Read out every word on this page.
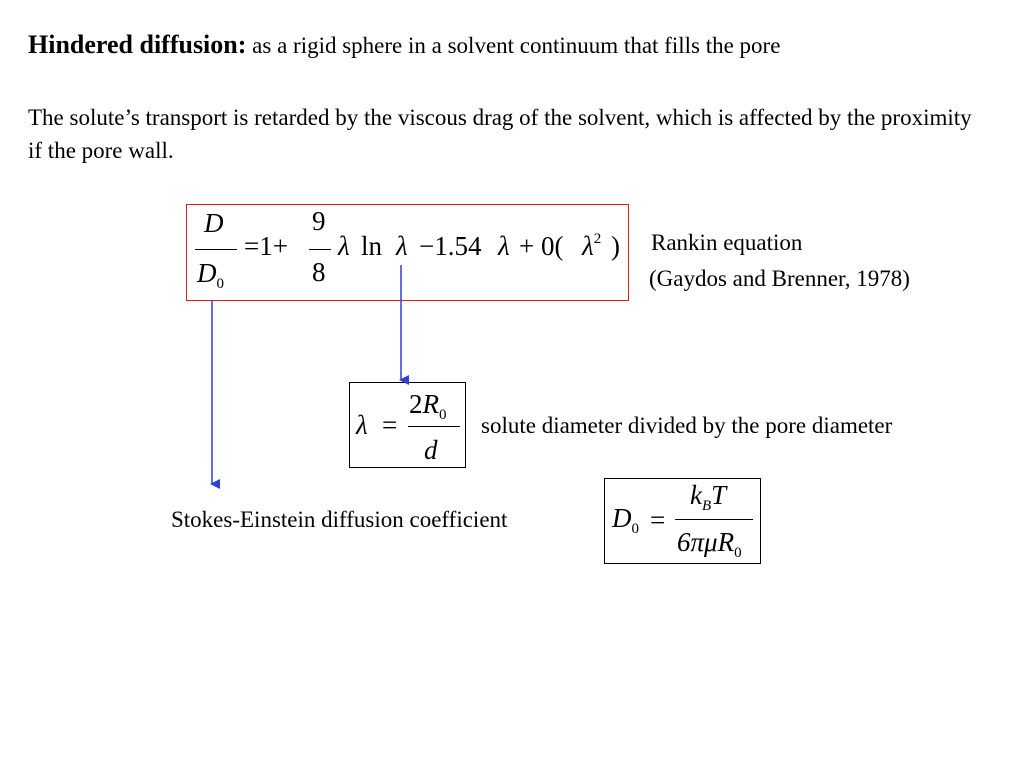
Hindered diffusion: as a rigid sphere in a solvent continuum that fills the pore
The solute’s transport is retarded by the viscous drag of the solvent, which is affected by the proximity if the pore wall.
D
$D_0$
=1+
9
8
λ ln λ −1.54 λ + 0( $\lambda^2$ ) Rankin equation
(Gaydos and Brenner, 1978)
λ =
$2R_0$
d
solute diameter divided by the pore diameter
Stokes-Einstein diffusion coefficient	$D_0$ =
$k_BT$
6πμR$_0$
